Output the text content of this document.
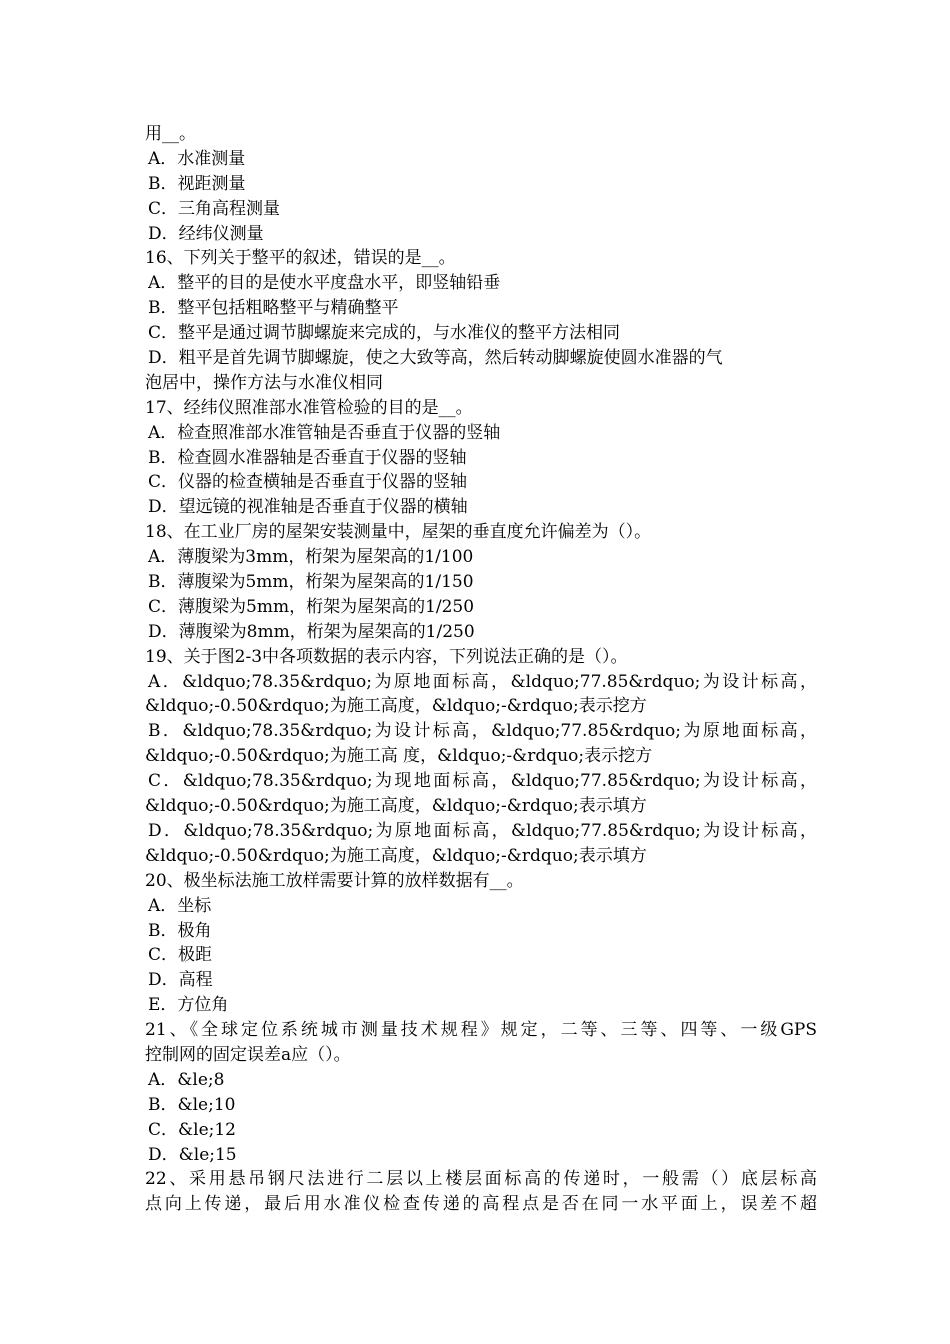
用__。
A．水准测量
B．视距测量
C．三角高程测量
D．经纬仪测量
16、下列关于整平的叙述，错误的是__。
A．整平的目的是使水平度盘水平，即竖轴铅垂
B．整平包括粗略整平与精确整平
C．整平是通过调节脚螺旋来完成的，与水准仪的整平方法相同
D．粗平是首先调节脚螺旋，使之大致等高，然后转动脚螺旋使圆水准器的气
泡居中，操作方法与水准仪相同
17、经纬仪照准部水准管检验的目的是__。
A．检查照准部水准管轴是否垂直于仪器的竖轴
B．检查圆水准器轴是否垂直于仪器的竖轴
C．仪器的检查横轴是否垂直于仪器的竖轴
D．望远镜的视准轴是否垂直于仪器的横轴
18、在工业厂房的屋架安装测量中，屋架的垂直度允许偏差为（）。
A．薄腹梁为3mm，桁架为屋架高的1/100
B．薄腹梁为5mm，桁架为屋架高的1/150
C．薄腹梁为5mm，桁架为屋架高的1/250
D．薄腹梁为8mm，桁架为屋架高的1/250
19、关于图2-3中各项数据的表示内容，下列说法正确的是（）。
A．&ldquo;78.35&rdquo;为原地面标高，&ldquo;77.85&rdquo;为设计标高，
&ldquo;-0.50&rdquo;为施工高度，&ldquo;-&rdquo;表示挖方
B．&ldquo;78.35&rdquo;为设计标高，&ldquo;77.85&rdquo;为原地面标高，
&ldquo;-0.50&rdquo;为施工高 度，&ldquo;-&rdquo;表示挖方
C．&ldquo;78.35&rdquo;为现地面标高，&ldquo;77.85&rdquo;为设计标高，
&ldquo;-0.50&rdquo;为施工高度，&ldquo;-&rdquo;表示填方
D．&ldquo;78.35&rdquo;为原地面标高，&ldquo;77.85&rdquo;为设计标高，
&ldquo;-0.50&rdquo;为施工高度，&ldquo;-&rdquo;表示填方
20、极坐标法施工放样需要计算的放样数据有__。
A．坐标
B．极角
C．极距
D．高程
E．方位角
21、《全球定位系统城市测量技术规程》规定，二等、三等、四等、一级GPS
控制网的固定误差a应（）。
A．&le;8
B．&le;10
C．&le;12
D．&le;15
22、采用悬吊钢尺法进行二层以上楼层面标高的传递时，一般需（）底层标高
点向上传递，最后用水准仪检查传递的高程点是否在同一水平面上，误差不超
